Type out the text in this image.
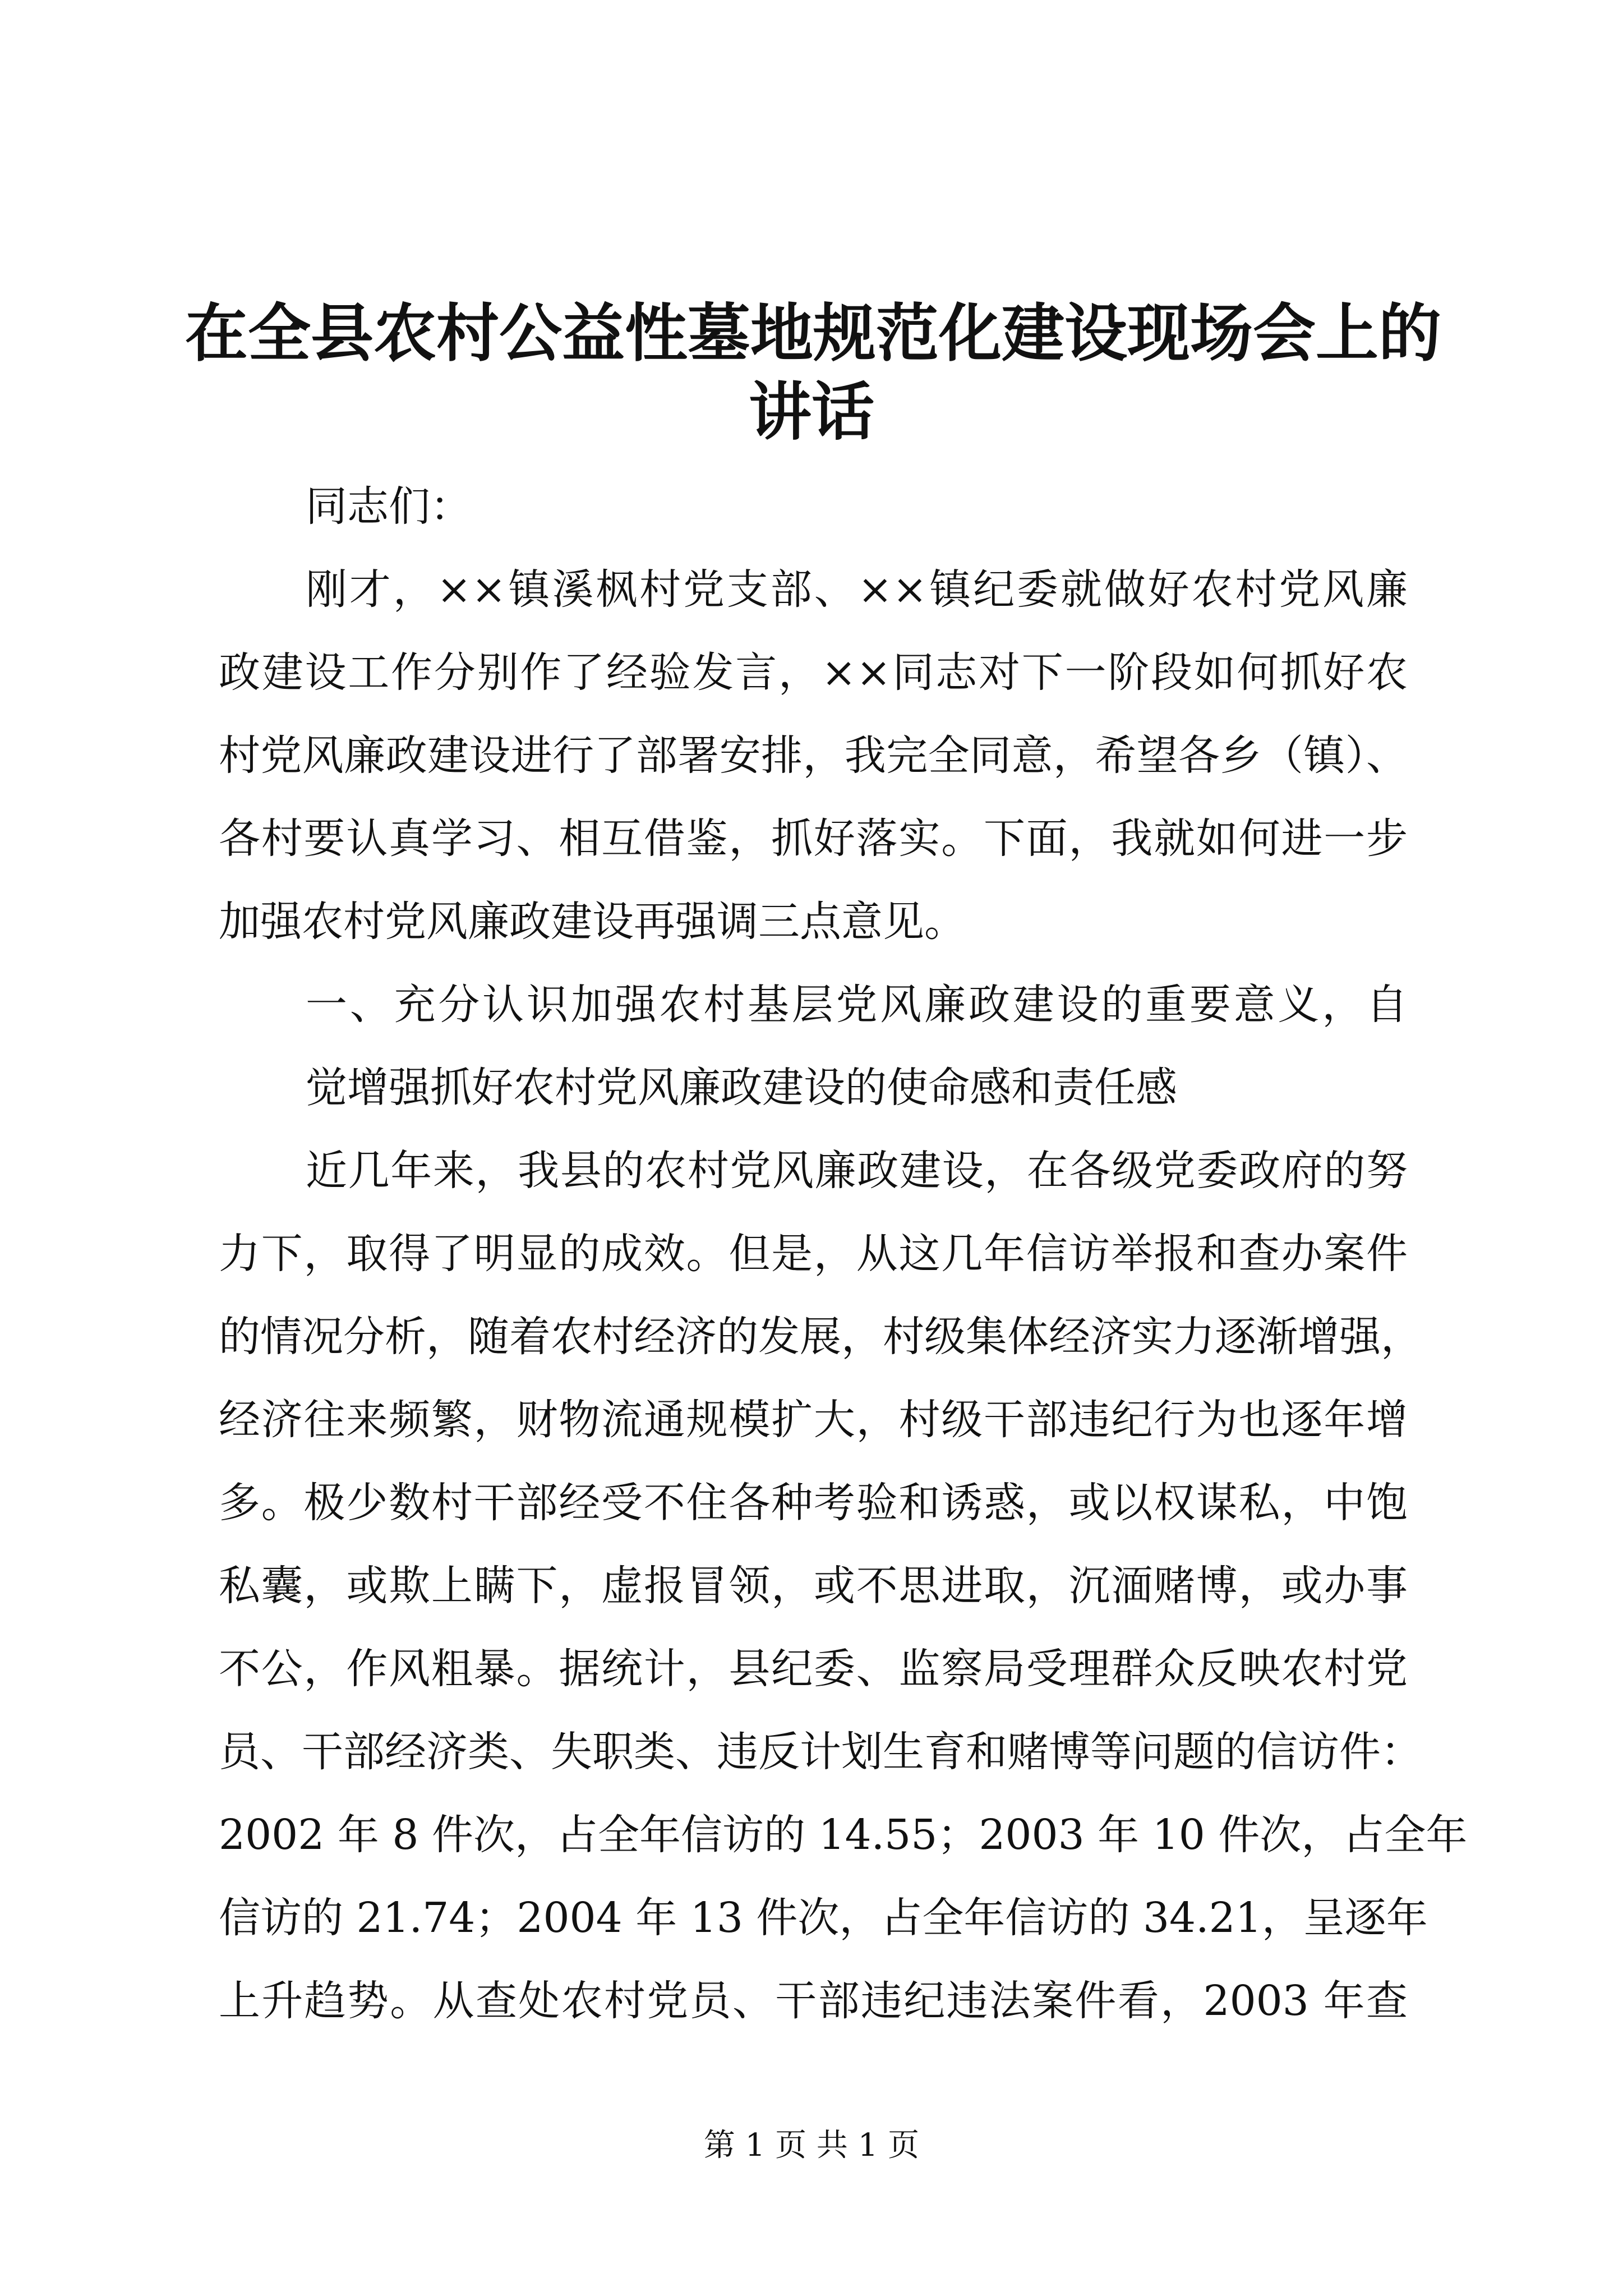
在全县农村公益性墓地规范化建设现场会上的
讲话

同志们：

刚才，××镇溪枫村党支部、××镇纪委就做好农村党风廉

政建设工作分别作了经验发言，××同志对下一阶段如何抓好农

村党风廉政建设进行了部署安排，我完全同意，希望各乡（镇）、

各村要认真学习、相互借鉴，抓好落实。下面，我就如何进一步

加强农村党风廉政建设再强调三点意见。

一、充分认识加强农村基层党风廉政建设的重要意义，自

觉增强抓好农村党风廉政建设的使命感和责任感

近几年来，我县的农村党风廉政建设，在各级党委政府的努

力下，取得了明显的成效。但是，从这几年信访举报和查办案件

的情况分析，随着农村经济的发展，村级集体经济实力逐渐增强，

经济往来频繁，财物流通规模扩大，村级干部违纪行为也逐年增

多。极少数村干部经受不住各种考验和诱惑，或以权谋私，中饱

私囊，或欺上瞒下，虚报冒领，或不思进取，沉湎赌博，或办事

不公，作风粗暴。据统计，县纪委、监察局受理群众反映农村党

员、干部经济类、失职类、违反计划生育和赌博等问题的信访件：

2002 年 8 件次，占全年信访的 14.55；2003 年 10 件次，占全年

信访的 21.74；2004 年 13 件次，占全年信访的 34.21，呈逐年

上升趋势。从查处农村党员、干部违纪违法案件看，2003 年查

第 1 页 共 1 页
